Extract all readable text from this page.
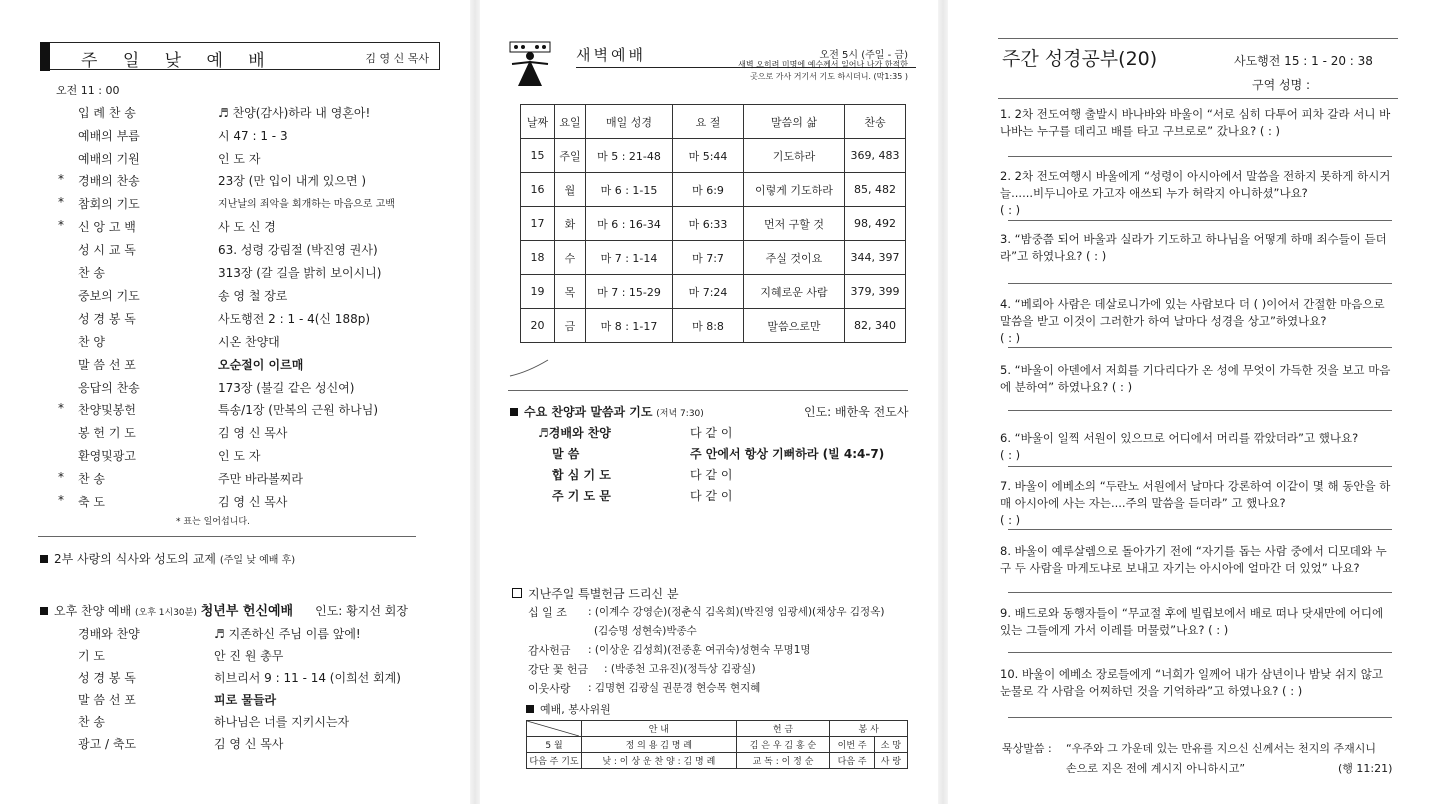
주 일 낮 예 배	김 영 신 목사
오전 11 : 00
입 례 찬 송	♬ 찬양(감사)하라 내 영혼아!
예배의 부름	시 47 : 1 - 3
예배의 기원	인 도 자
*	경배의 찬송	23장 (만 입이 내게 있으면 )
*	참회의 기도	지난날의 죄악을 회개하는 마음으로 고백
*	신 앙 고 백	사 도 신 경
성 시 교 독	63. 성령 강림절 (박진영 권사)
찬 송	313장 (갈 길을 밝히 보이시니)
중보의 기도	송 영 철 장로
성 경 봉 독	사도행전 2 : 1 - 4(신 188p)
찬 양	시온 찬양대
말 씀 선 포	오순절이 이르매
응답의 찬송	173장 (불길 같은 성신여)
*	찬양및봉헌	특송/1장 (만복의 근원 하나님)
봉 헌 기 도	김 영 신 목사
환영및광고	인 도 자
*	찬 송	주만 바라볼찌라
*	축 도	김 영 신 목사
* 표는 일어섭니다.
2부 사랑의 식사와 성도의 교제 (주일 낮 예배 후)
오후 찬양 예배 (오후 1시30분) 청년부 헌신예배 인도: 황지선 회장
경배와 찬양	♬ 지존하신 주님 이름 앞에!
기 도	안 진 원 총무
성 경 봉 독	히브리서 9 : 11 - 14 (이희선 회계)
말 씀 선 포	피로 물들라
찬 송	하나님은 너를 지키시는자
광고 / 축도	김 영 신 목사
새벽예배	오전 5시 (주일 - 금)
새벽 오히려 미명에 예수께서 일어나 나가 한적한
곳으로 가사 거기서 기도 하시더니. (막1:35 )
날짜	요일	매일 성경	요 절	말씀의 삶	찬송
15	주일	마 5 : 21-48	마 5:44	기도하라	369, 483
16	월	마 6 : 1-15	마 6:9	이렇게 기도하라	85, 482
17	화	마 6 : 16-34	마 6:33	먼저 구할 것	98, 492
18	수	마 7 : 1-14	마 7:7	주실 것이요	344, 397
19	목	마 7 : 15-29	마 7:24	지혜로운 사람	379, 399
20	금	마 8 : 1-17	마 8:8	말씀으로만	82, 340
수요 찬양과 말씀과 기도 (저녁 7:30)	인도: 배한욱 전도사
♬경배와 찬양	다 같 이
말 씀	주 안에서 항상 기뻐하라 (빌 4:4-7)
합 심 기 도	다 같 이
주 기 도 문	다 같 이
지난주일 특별헌금 드리신 분
십 일 조 : (이계수 강영순)(정춘식 김옥희)(박진영 임광세)(채상우 김정옥)
(김승명 성현숙)박종수
감사헌금 : (이상운 김성희)(전종훈 여귀숙)성현숙 무명1명
강단 꽃 헌금 : (박종천 고유진)(정득상 김광실)
이웃사랑 : 김명현 김광실 권문경 현승목 현지혜
예배, 봉사위원
	안 내	헌 금	봉 사	
5 월	정 의 용 김 명 례	김 은 우 김 홍 순	이번 주	소 망
다음 주 기도	낮 : 이 상 운 찬 양 : 김 명 례	교 독 : 이 정 순	다음 주	사 랑
주간 성경공부(20)	사도행전 15 : 1 - 20 : 38
구역 성명 :
1. 2차 전도여행 출발시 바나바와 바울이 “서로 심히 다투어 피차 갈라 서니 바나바는 누구를 데리고 배를 타고 구브로로” 갔나요? ( : )
2. 2차 전도여행시 바울에게 “성령이 아시아에서 말씀을 전하지 못하게 하시거늘......비두니아로 가고자 애쓰되 누가 허락지 아니하셨”나요?
( : )
3. “밤중쯤 되어 바울과 실라가 기도하고 하나님을 어떻게 하매 죄수들이 듣더라”고 하였나요? ( : )
4. “베뢰아 사람은 데살로니가에 있는 사람보다 더 ( )이어서 간절한 마음으로 말씀을 받고 이것이 그러한가 하여 날마다 성경을 상고”하였나요?
( : )
5. “바울이 아덴에서 저희를 기다리다가 온 성에 무엇이 가득한 것을 보고 마음에 분하여” 하였나요? ( : )
6. “바울이 일찍 서원이 있으므로 어디에서 머리를 깎았더라”고 했나요?
( : )
7. 바울이 에베소의 “두란노 서원에서 날마다 강론하여 이같이 몇 해 동안을 하매 아시아에 사는 자는....주의 말씀을 듣더라” 고 했나요?
( : )
8. 바울이 예루살렘으로 돌아가기 전에 “자기를 돕는 사람 중에서 디모데와 누구 두 사람을 마게도냐로 보내고 자기는 아시아에 얼마간 더 있었” 나요?
9. 배드로와 동행자들이 “무교절 후에 빌립보에서 배로 떠나 닷새만에 어디에 있는 그들에게 가서 이레를 머물렀”나요? ( : )
10. 바울이 에베소 장로들에게 “너희가 일께어 내가 삼년이나 밤낮 쉬지 않고 눈물로 각 사람을 어찌하던 것을 기억하라”고 하였나요? ( : )
묵상말씀 : “우주와 그 가운데 있는 만유를 지으신 신께서는 천지의 주재시니
손으로 지은 전에 계시지 아니하시고”	(행 11:21)
